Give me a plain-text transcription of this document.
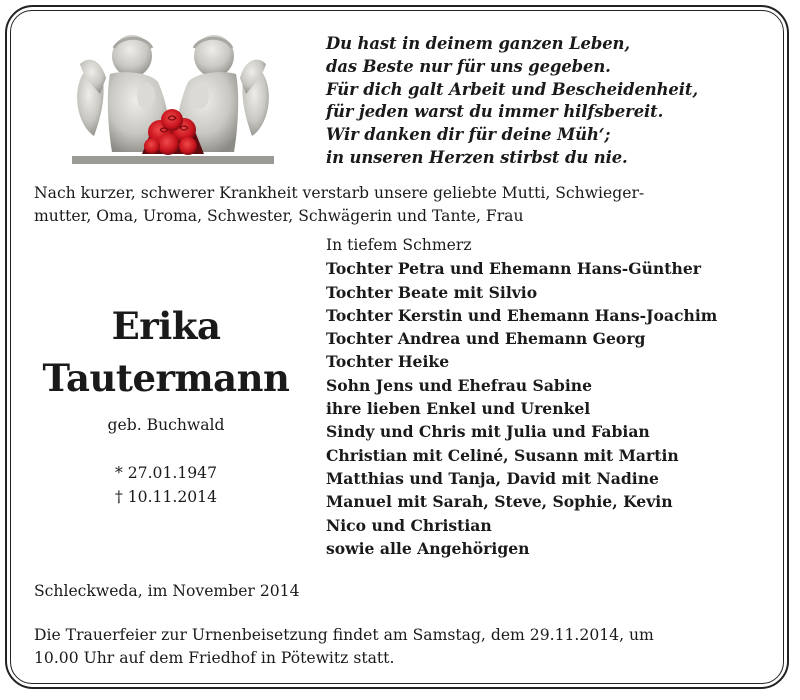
Du hast in deinem ganzen Leben,
das Beste nur für uns gegeben.
Für dich galt Arbeit und Bescheidenheit,
für jeden warst du immer hilfsbereit.
Wir danken dir für deine Müh‘;
in unseren Herzen stirbst du nie.
Nach kurzer, schwerer Krankheit verstarb unsere geliebte Mutti, Schwieger-
mutter, Oma, Uroma, Schwester, Schwägerin und Tante, Frau
Erika
Tautermann
geb. Buchwald
* 27.01.1947
† 10.11.2014
In tiefem Schmerz
Tochter Petra und Ehemann Hans-Günther
Tochter Beate mit Silvio
Tochter Kerstin und Ehemann Hans-Joachim
Tochter Andrea und Ehemann Georg
Tochter Heike
Sohn Jens und Ehefrau Sabine
ihre lieben Enkel und Urenkel
Sindy und Chris mit Julia und Fabian
Christian mit Celiné, Susann mit Martin
Matthias und Tanja, David mit Nadine
Manuel mit Sarah, Steve, Sophie, Kevin
Nico und Christian
sowie alle Angehörigen
Schleckweda, im November 2014
Die Trauerfeier zur Urnenbeisetzung findet am Samstag, dem 29.11.2014, um
10.00 Uhr auf dem Friedhof in Pötewitz statt.
